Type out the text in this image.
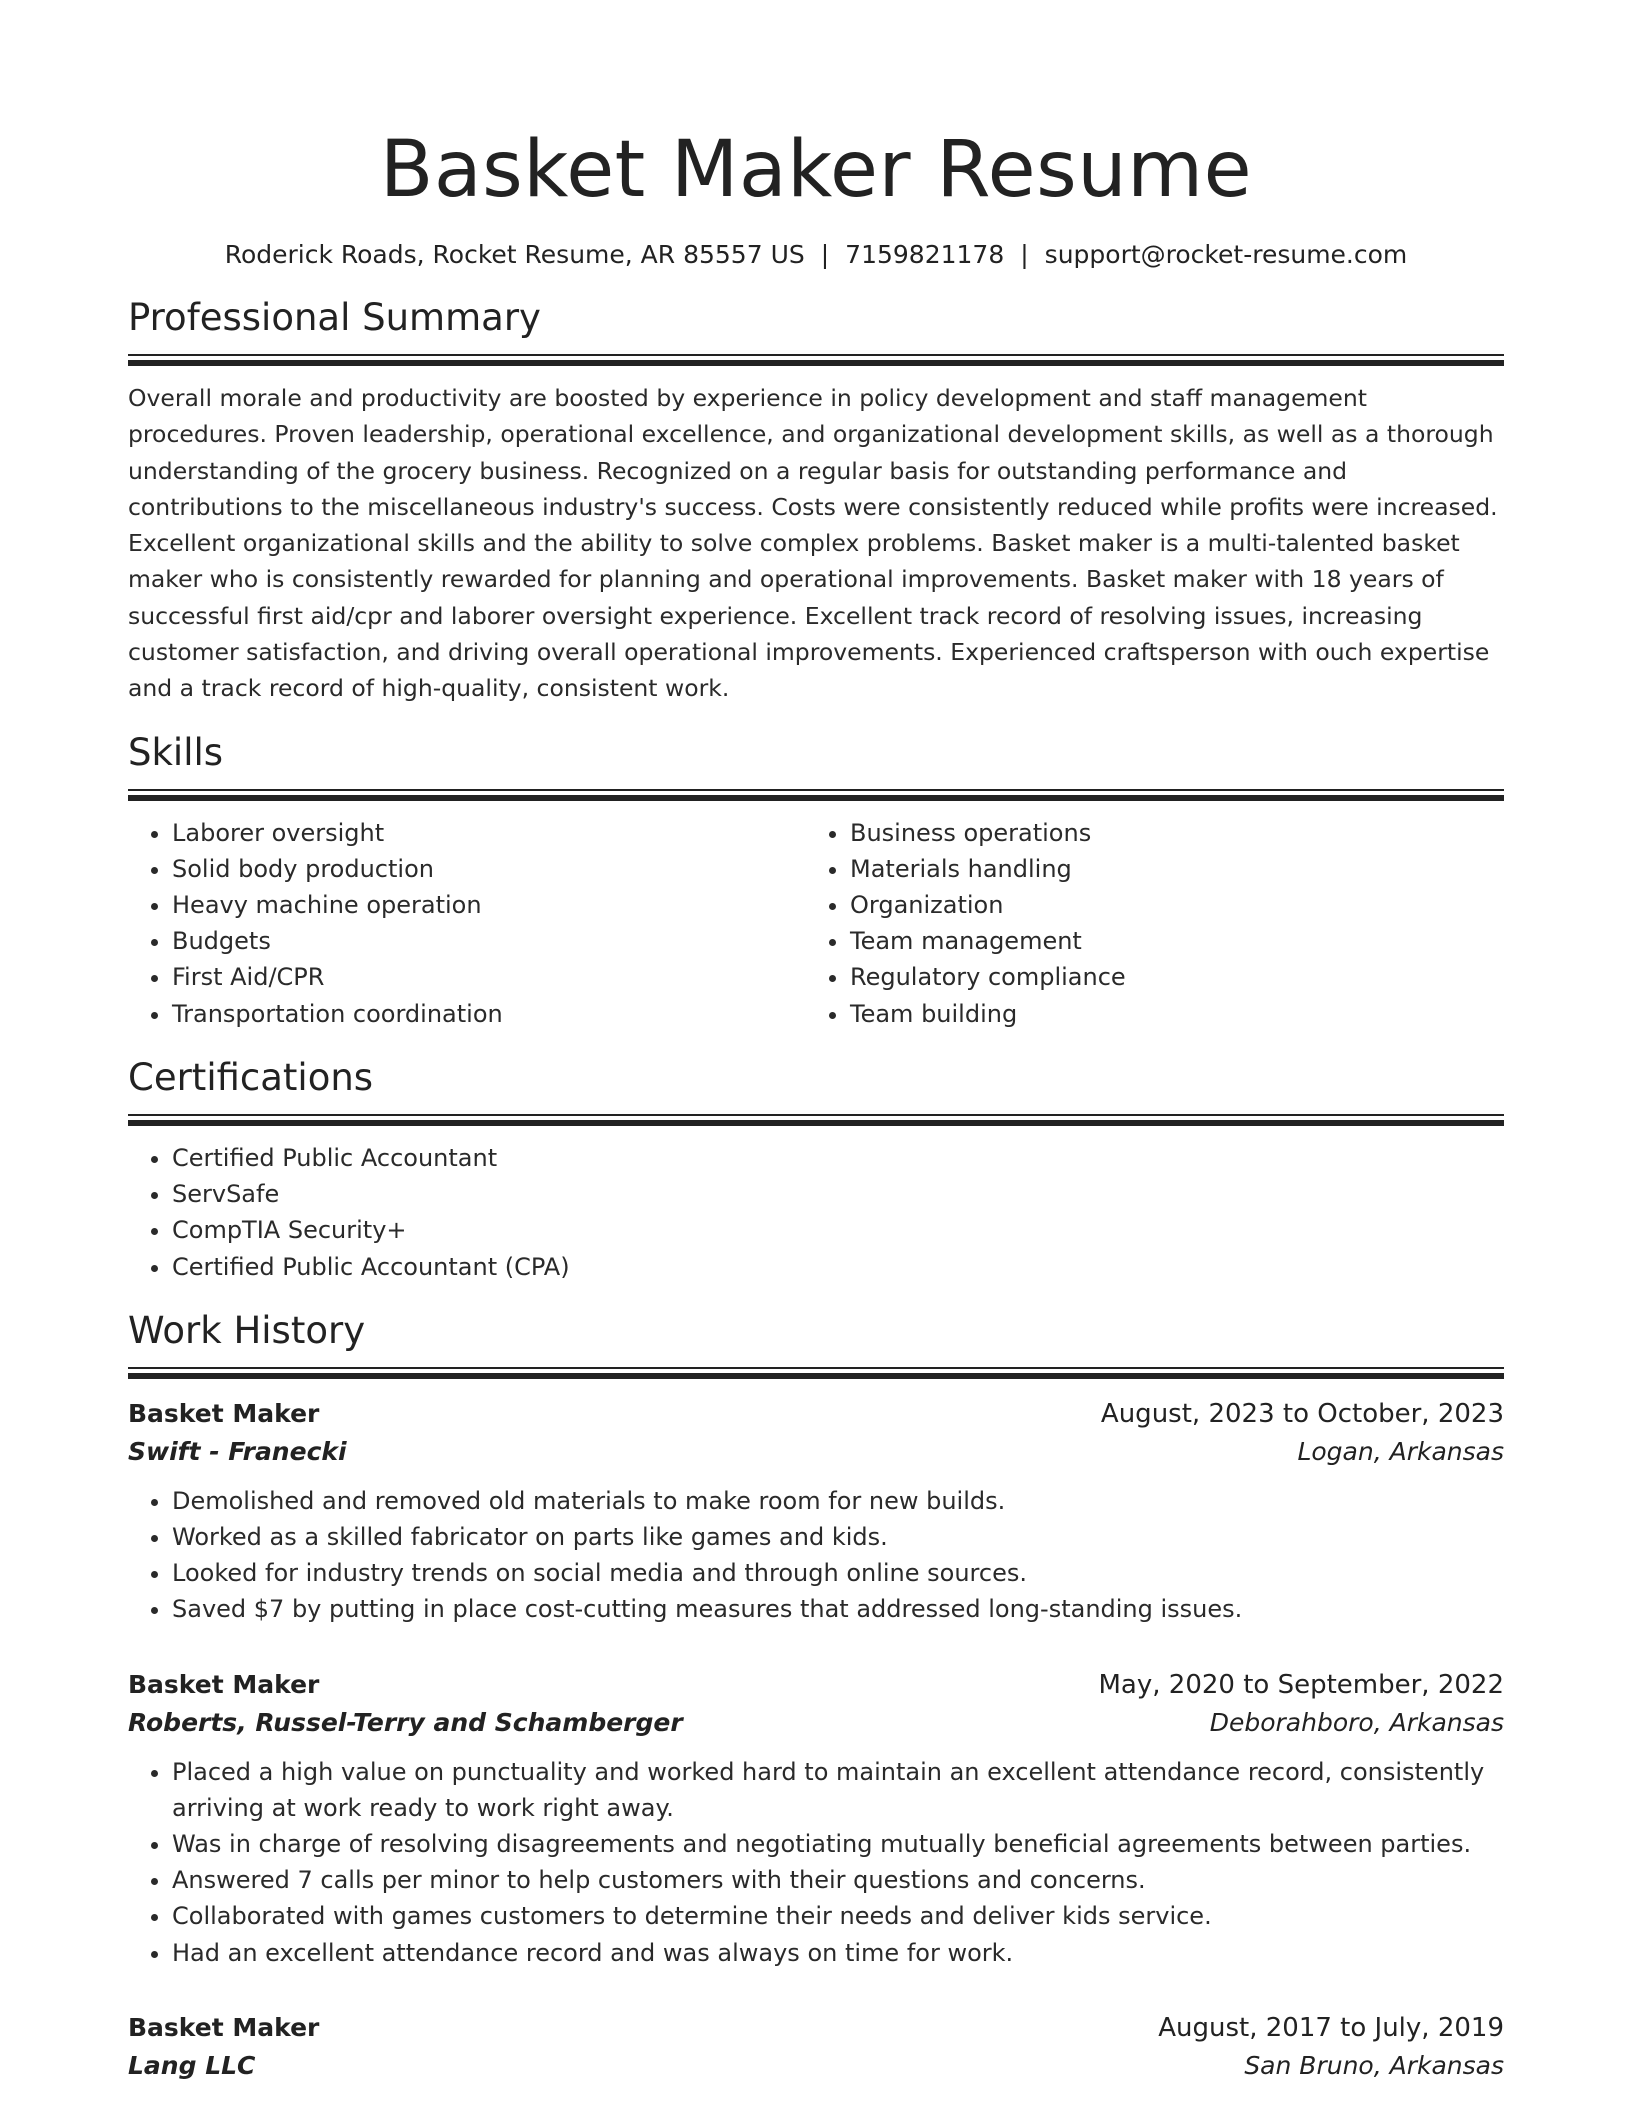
Basket Maker Resume
Roderick Roads, Rocket Resume, AR 85557 US | 7159821178 | support@rocket-resume.com
Professional Summary

Overall morale and productivity are boosted by experience in policy development and staff management procedures. Proven leadership, operational excellence, and organizational development skills, as well as a thorough understanding of the grocery business. Recognized on a regular basis for outstanding performance and contributions to the miscellaneous industry's success. Costs were consistently reduced while profits were increased. Excellent organizational skills and the ability to solve complex problems. Basket maker is a multi-talented basket maker who is consistently rewarded for planning and operational improvements. Basket maker with 18 years of successful first aid/cpr and laborer oversight experience. Excellent track record of resolving issues, increasing customer satisfaction, and driving overall operational improvements. Experienced craftsperson with ouch expertise and a track record of high-quality, consistent work.

Skills
• Laborer oversight
• Solid body production
• Heavy machine operation
• Budgets
• First Aid/CPR
• Transportation coordination
• Business operations
• Materials handling
• Organization
• Team management
• Regulatory compliance
• Team building
Certifications
• Certified Public Accountant
• ServSafe
• CompTIA Security+
• Certified Public Accountant (CPA)
Work History
Basket Maker	August, 2023 to October, 2023
Swift - Franecki	Logan, Arkansas
• Demolished and removed old materials to make room for new builds.
• Worked as a skilled fabricator on parts like games and kids.
• Looked for industry trends on social media and through online sources.
• Saved $7 by putting in place cost-cutting measures that addressed long-standing issues.
Basket Maker	May, 2020 to September, 2022
Roberts, Russel-Terry and Schamberger	Deborahboro, Arkansas
• Placed a high value on punctuality and worked hard to maintain an excellent attendance record, consistently arriving at work ready to work right away.
• Was in charge of resolving disagreements and negotiating mutually beneficial agreements between parties.
• Answered 7 calls per minor to help customers with their questions and concerns.
• Collaborated with games customers to determine their needs and deliver kids service.
• Had an excellent attendance record and was always on time for work.
Basket Maker	August, 2017 to July, 2019
Lang LLC	San Bruno, Arkansas
